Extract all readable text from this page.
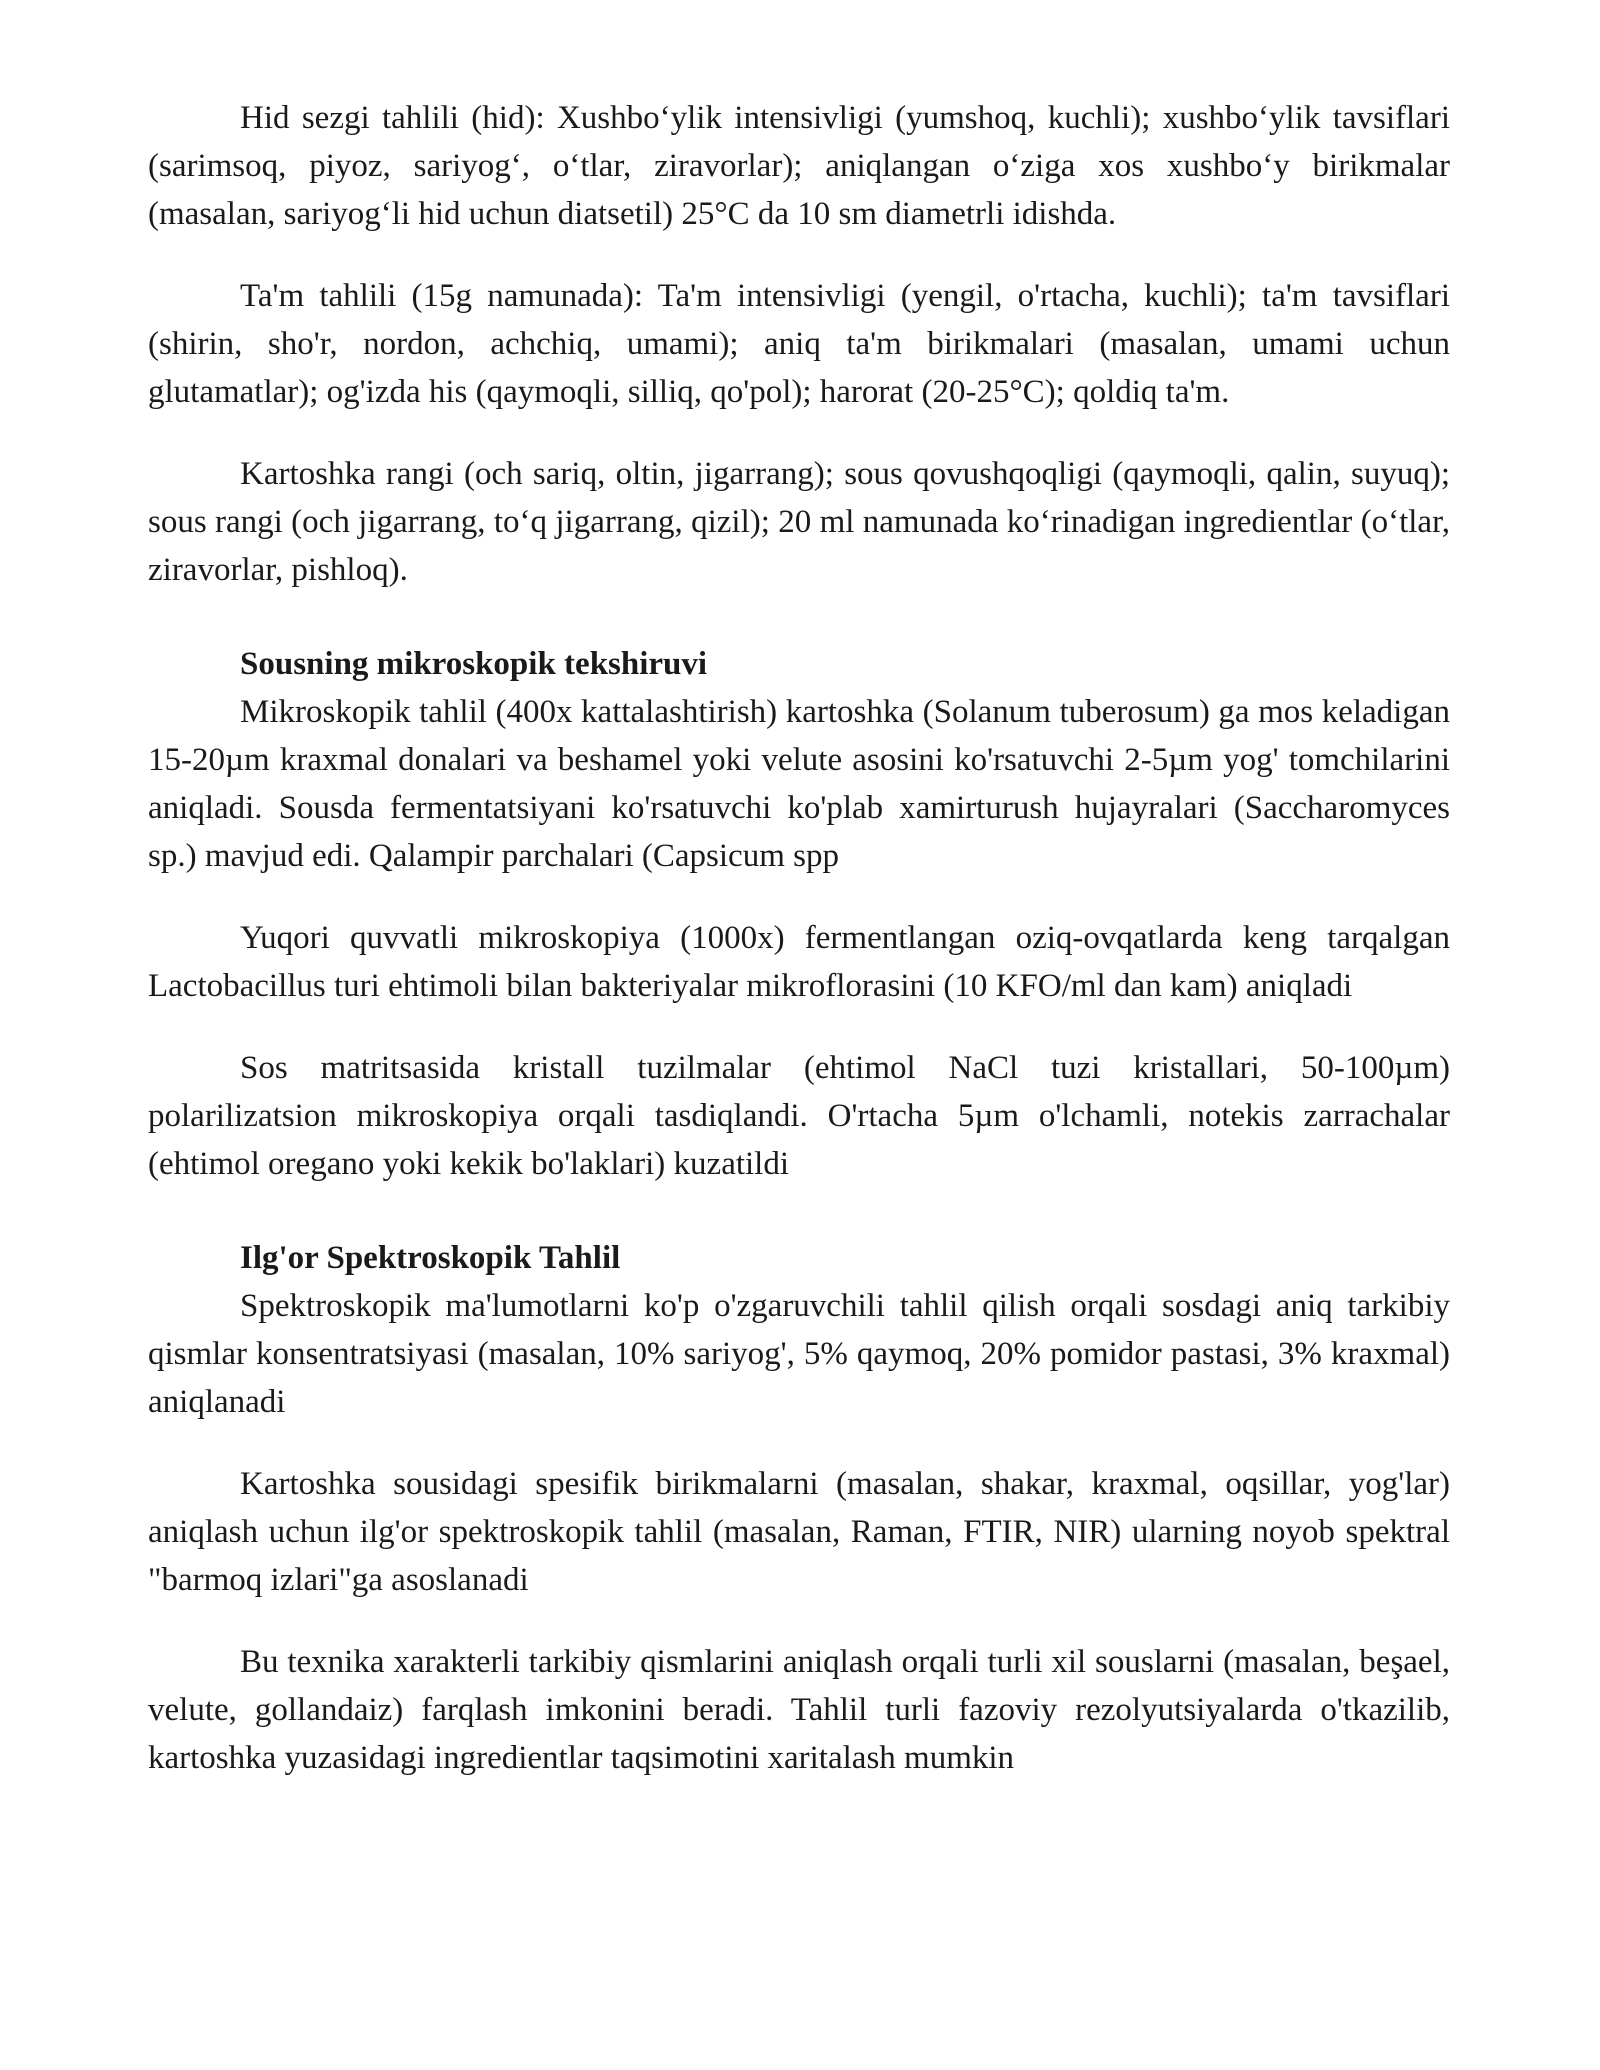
Hid sezgi tahlili (hid): Xushbo‘ylik intensivligi (yumshoq, kuchli); xushbo‘ylik tavsiflari (sarimsoq, piyoz, sariyog‘, o‘tlar, ziravorlar); aniqlangan o‘ziga xos xushbo‘y birikmalar (masalan, sariyog‘li hid uchun diatsetil) 25°C da 10 sm diametrli idishda.

Ta'm tahlili (15g namunada): Ta'm intensivligi (yengil, o'rtacha, kuchli); ta'm tavsiflari (shirin, sho'r, nordon, achchiq, umami); aniq ta'm birikmalari (masalan, umami uchun glutamatlar); og'izda his (qaymoqli, silliq, qo'pol); harorat (20-25°C); qoldiq ta'm.

Kartoshka rangi (och sariq, oltin, jigarrang); sous qovushqoqligi (qaymoqli, qalin, suyuq); sous rangi (och jigarrang, to‘q jigarrang, qizil); 20 ml namunada ko‘rinadigan ingredientlar (o‘tlar, ziravorlar, pishloq).

Sousning mikroskopik tekshiruvi

Mikroskopik tahlil (400x kattalashtirish) kartoshka (Solanum tuberosum) ga mos keladigan 15-20µm kraxmal donalari va beshamel yoki velute asosini ko'rsatuvchi 2-5µm yog' tomchilarini aniqladi. Sousda fermentatsiyani ko'rsatuvchi ko'plab xamirturush hujayralari (Saccharomyces sp.) mavjud edi. Qalampir parchalari (Capsicum spp

Yuqori quvvatli mikroskopiya (1000x) fermentlangan oziq-ovqatlarda keng tarqalgan Lactobacillus turi ehtimoli bilan bakteriyalar mikroflorasini (10 KFO/ml dan kam) aniqladi

Sos matritsasida kristall tuzilmalar (ehtimol NaCl tuzi kristallari, 50-100µm) polarilizatsion mikroskopiya orqali tasdiqlandi. O'rtacha 5µm o'lchamli, notekis zarrachalar (ehtimol oregano yoki kekik bo'laklari) kuzatildi

Ilg'or Spektroskopik Tahlil

Spektroskopik ma'lumotlarni ko'p o'zgaruvchili tahlil qilish orqali sosdagi aniq tarkibiy qismlar konsentratsiyasi (masalan, 10% sariyog', 5% qaymoq, 20% pomidor pastasi, 3% kraxmal) aniqlanadi

Kartoshka sousidagi spesifik birikmalarni (masalan, shakar, kraxmal, oqsillar, yog'lar) aniqlash uchun ilg'or spektroskopik tahlil (masalan, Raman, FTIR, NIR) ularning noyob spektral "barmoq izlari"ga asoslanadi

Bu texnika xarakterli tarkibiy qismlarini aniqlash orqali turli xil souslarni (masalan, beşael, velute, gollandaiz) farqlash imkonini beradi. Tahlil turli fazoviy rezolyutsiyalarda o'tkazilib, kartoshka yuzasidagi ingredientlar taqsimotini xaritalash mumkin
